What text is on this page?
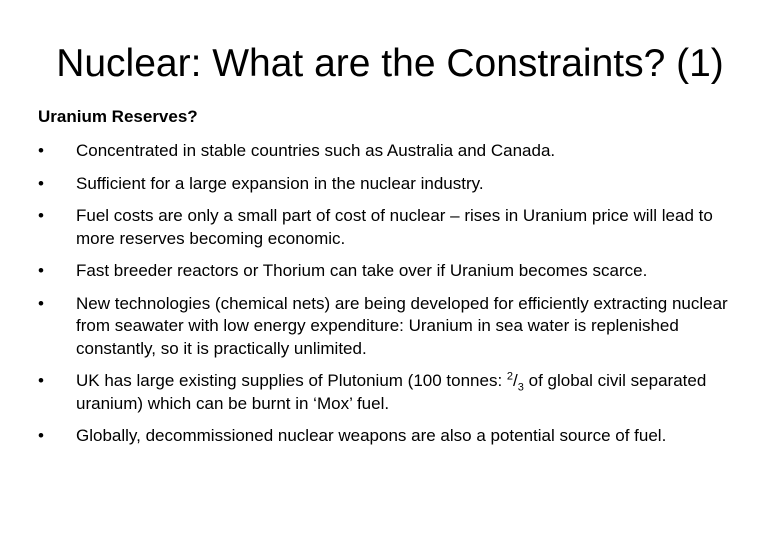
Nuclear: What are the Constraints? (1)

Uranium Reserves?

• Concentrated in stable countries such as Australia and Canada.
• Sufficient for a large expansion in the nuclear industry.
• Fuel costs are only a small part of cost of nuclear – rises in Uranium price will lead to more reserves becoming economic.
• Fast breeder reactors or Thorium can take over if Uranium becomes scarce.
• New technologies (chemical nets) are being developed for efficiently extracting nuclear from seawater with low energy expenditure: Uranium in sea water is replenished constantly, so it is practically unlimited.
• UK has large existing supplies of Plutonium (100 tonnes: $^2/_3$ of global civil separated uranium) which can be burnt in ‘Mox’ fuel.
• Globally, decommissioned nuclear weapons are also a potential source of fuel.
